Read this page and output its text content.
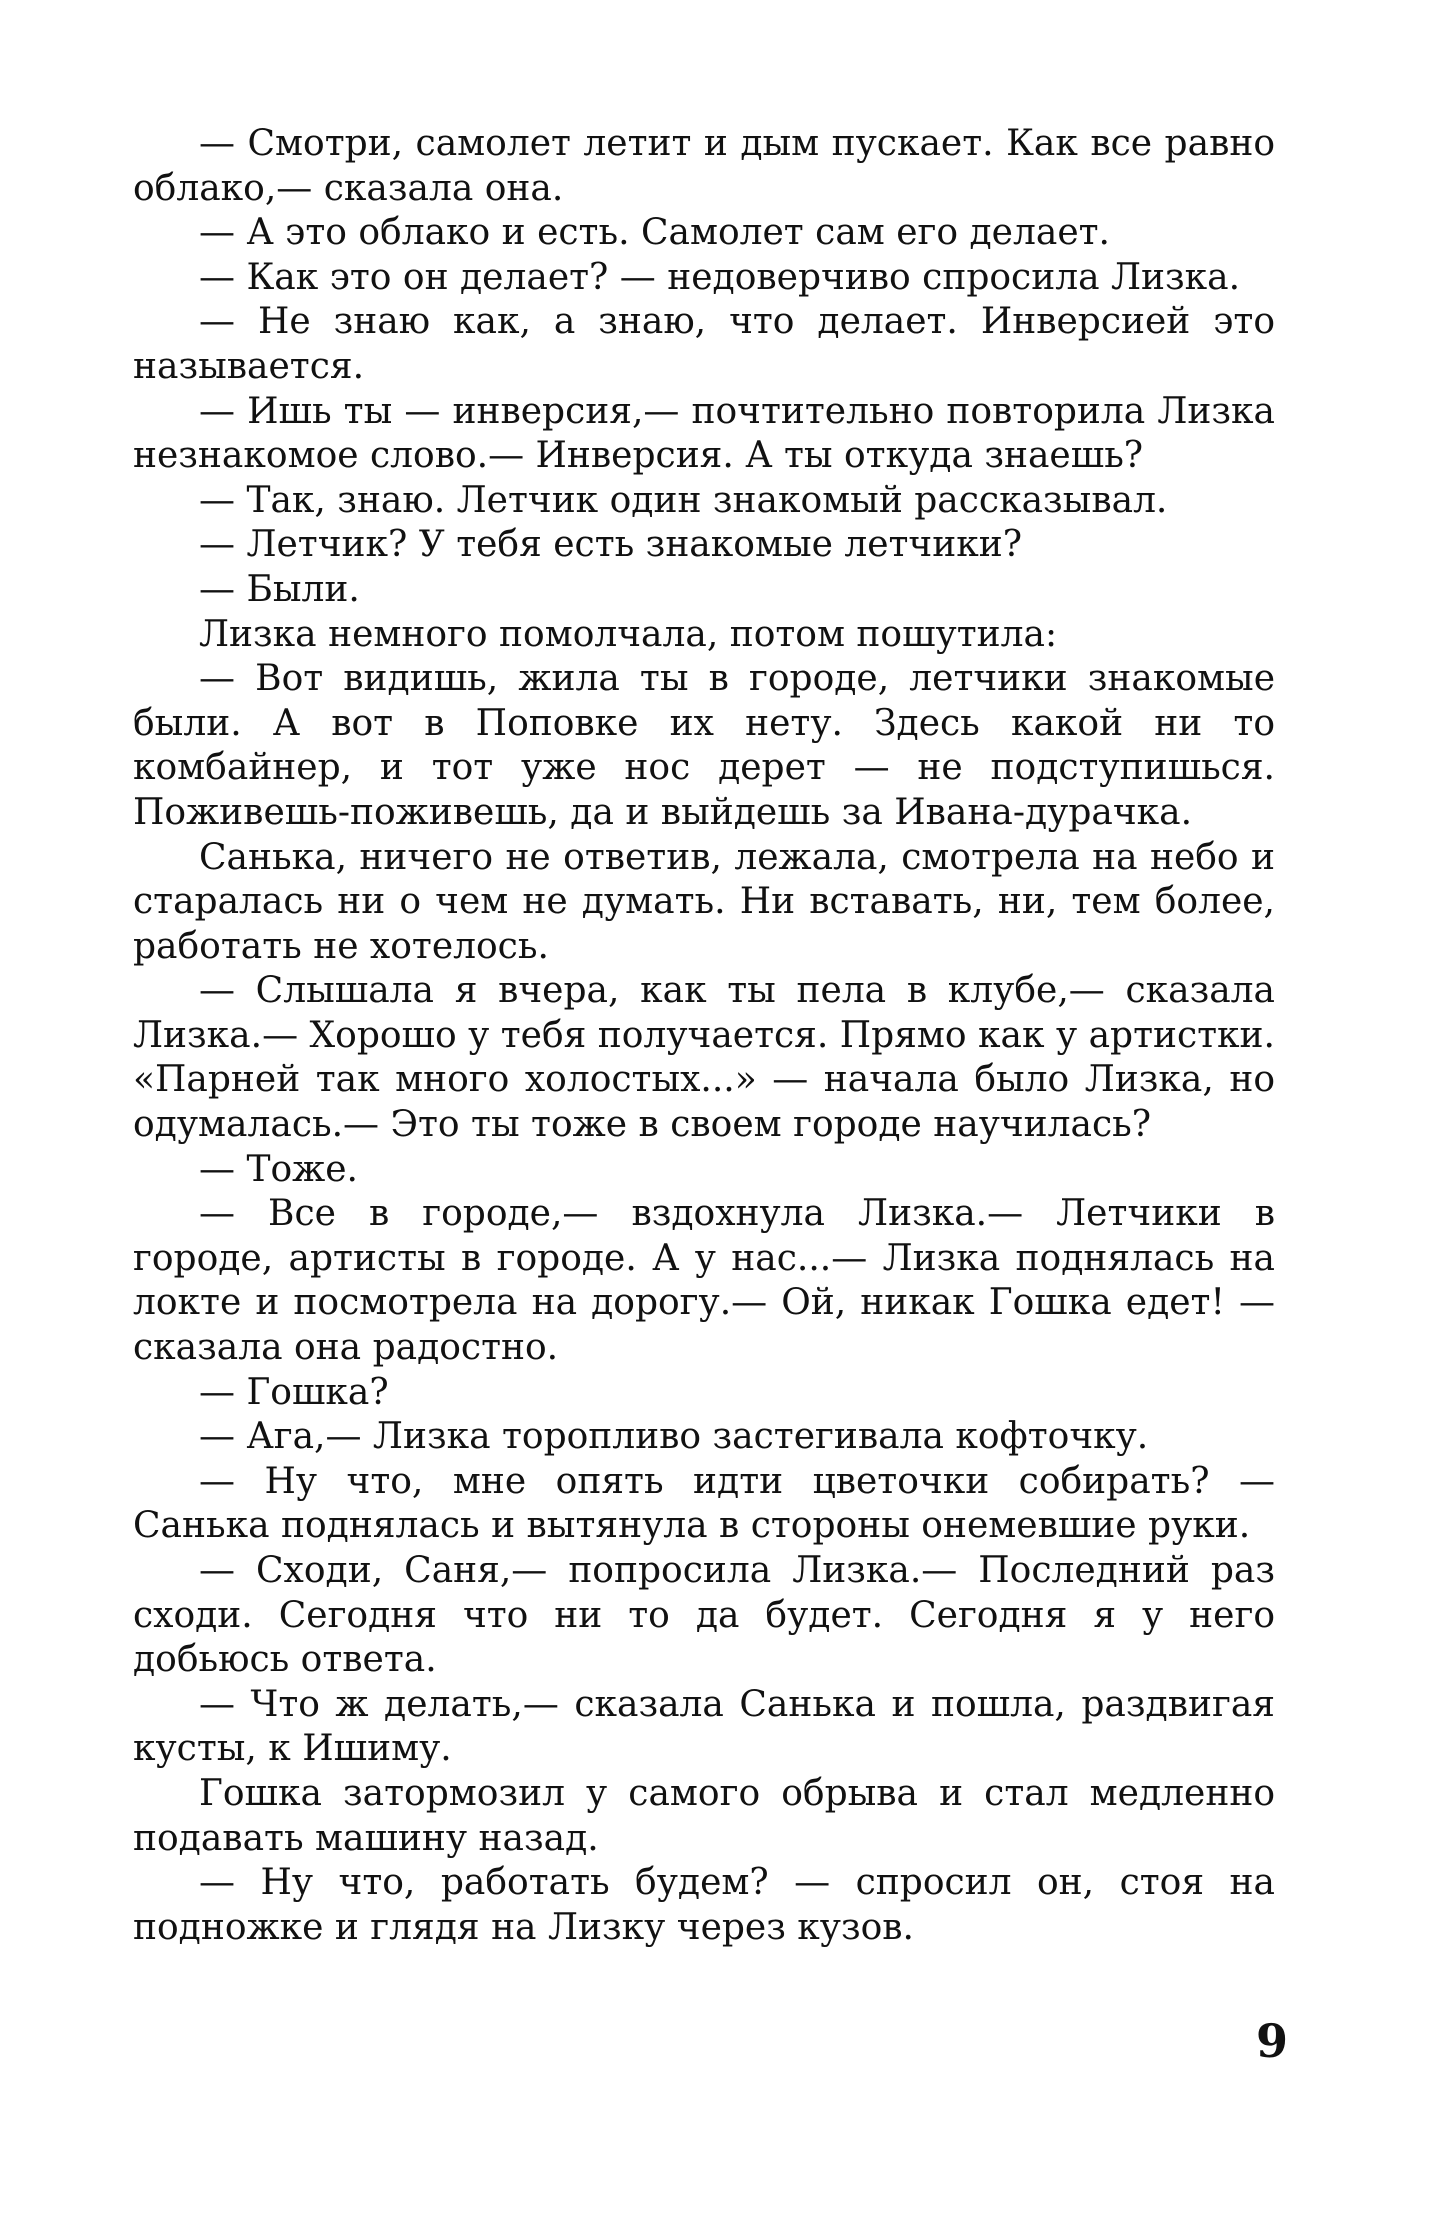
— Смотри, самолет летит и дым пускает. Как все равно облако,— сказала она.

— А это облако и есть. Самолет сам его делает.

— Как это он делает? — недоверчиво спросила Лизка.

— Не знаю как, а знаю, что делает. Инверсией это называется.

— Ишь ты — инверсия,— почтительно повторила Лизка незнакомое слово.— Инверсия. А ты откуда знаешь?

— Так, знаю. Летчик один знакомый рассказывал.

— Летчик? У тебя есть знакомые летчики?

— Были.

Лизка немного помолчала, потом пошутила:

— Вот видишь, жила ты в городе, летчики знакомые были. А вот в Поповке их нету. Здесь какой ни то комбайнер, и тот уже нос дерет — не подступишься. Поживешь-поживешь, да и выйдешь за Ивана-дурачка.

Санька, ничего не ответив, лежала, смотрела на небо и старалась ни о чем не думать. Ни вставать, ни, тем более, работать не хотелось.

— Слышала я вчера, как ты пела в клубе,— сказала Лизка.— Хорошо у тебя получается. Прямо как у артистки. «Парней так много холостых...» — начала было Лизка, но одумалась.— Это ты тоже в своем городе научилась?

— Тоже.

— Все в городе,— вздохнула Лизка.— Летчики в городе, артисты в городе. А у нас...— Лизка поднялась на локте и посмотрела на дорогу.— Ой, никак Гошка едет! — сказала она радостно.

— Гошка?

— Ага,— Лизка торопливо застегивала кофточку.

— Ну что, мне опять идти цветочки собирать? — Санька поднялась и вытянула в стороны онемевшие руки.

— Сходи, Саня,— попросила Лизка.— Последний раз сходи. Сегодня что ни то да будет. Сегодня я у него добьюсь ответа.

— Что ж делать,— сказала Санька и пошла, раздвигая кусты, к Ишиму.

Гошка затормозил у самого обрыва и стал медленно подавать машину назад.

— Ну что, работать будем? — спросил он, стоя на подножке и глядя на Лизку через кузов.

9
